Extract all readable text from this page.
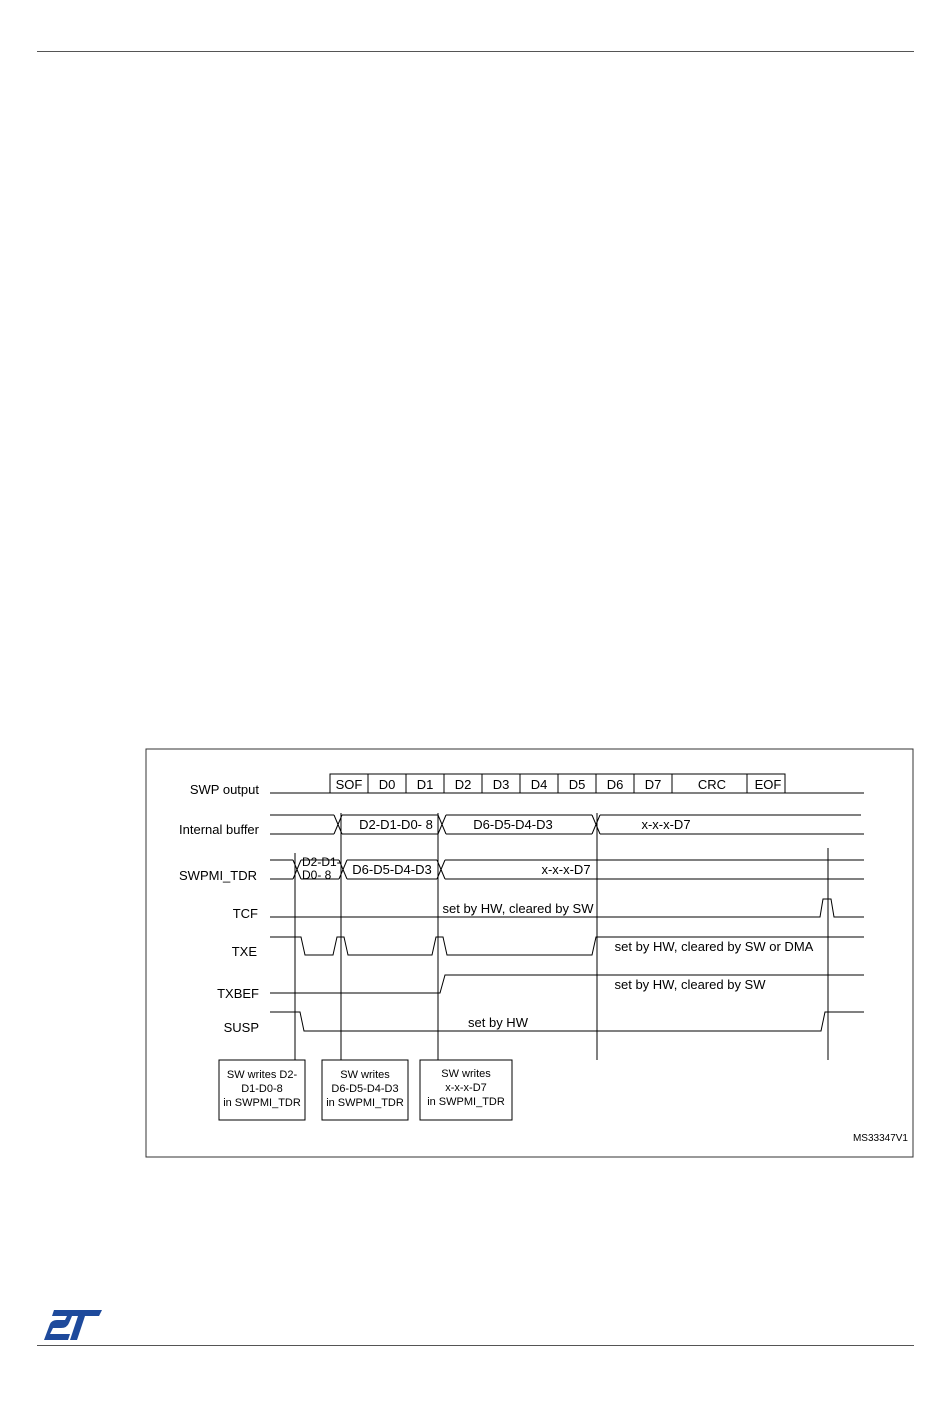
SWP output
Internal buffer
SWPMI_TDR
TCF
TXE
TXBEF
SUSP
SOF D0 D1 D2 D3 D4 D5 D6 D7	CRC EOF
D2-D1-D0- 8	D6-D5-D4-D3	x-x-x-D7
D2-D1-
D0- 8 D6-D5-D4-D3	x-x-x-D7
set by HW, cleared by SW
set by HW, cleared by SW or DMA
set by HW, cleared by SW
set by HW
SW writes D2-
D1-D0-8
in SWPMI_TDR
SW writes
D6-D5-D4-D3
in SWPMI_TDR
SW writes
x-x-x-D7
in SWPMI_TDR
MS33347V1
